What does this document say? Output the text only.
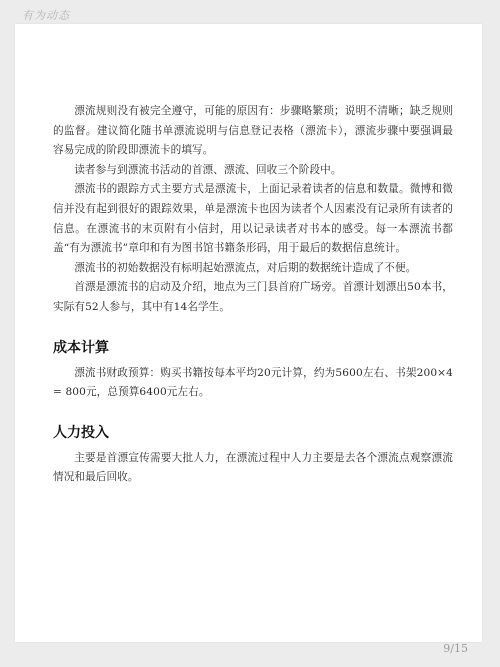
有为动态

漂流规则没有被完全遵守，可能的原因有：步骤略繁琐；说明不清晰；缺乏规则的监督。建议简化随书单漂流说明与信息登记表格（漂流卡），漂流步骤中要强调最容易完成的阶段即漂流卡的填写。

读者参与到漂流书活动的首漂、漂流、回收三个阶段中。

漂流书的跟踪方式主要方式是漂流卡，上面记录着读者的信息和数量。微博和微信并没有起到很好的跟踪效果，单是漂流卡也因为读者个人因素没有记录所有读者的信息。在漂流书的末页附有小信封，用以记录读者对书本的感受。每一本漂流书都盖“有为漂流书”章印和有为图书馆书籍条形码，用于最后的数据信息统计。

漂流书的初始数据没有标明起始漂流点，对后期的数据统计造成了不便。

首漂是漂流书的启动及介绍，地点为三门县首府广场旁。首漂计划漂出50本书，实际有52人参与，其中有14名学生。

成本计算

漂流书财政预算：购买书籍按每本平均20元计算，约为5600左右、书架200×4 = 800元，总预算6400元左右。

人力投入

主要是首漂宣传需要大批人力，在漂流过程中人力主要是去各个漂流点观察漂流情况和最后回收。

9/15
